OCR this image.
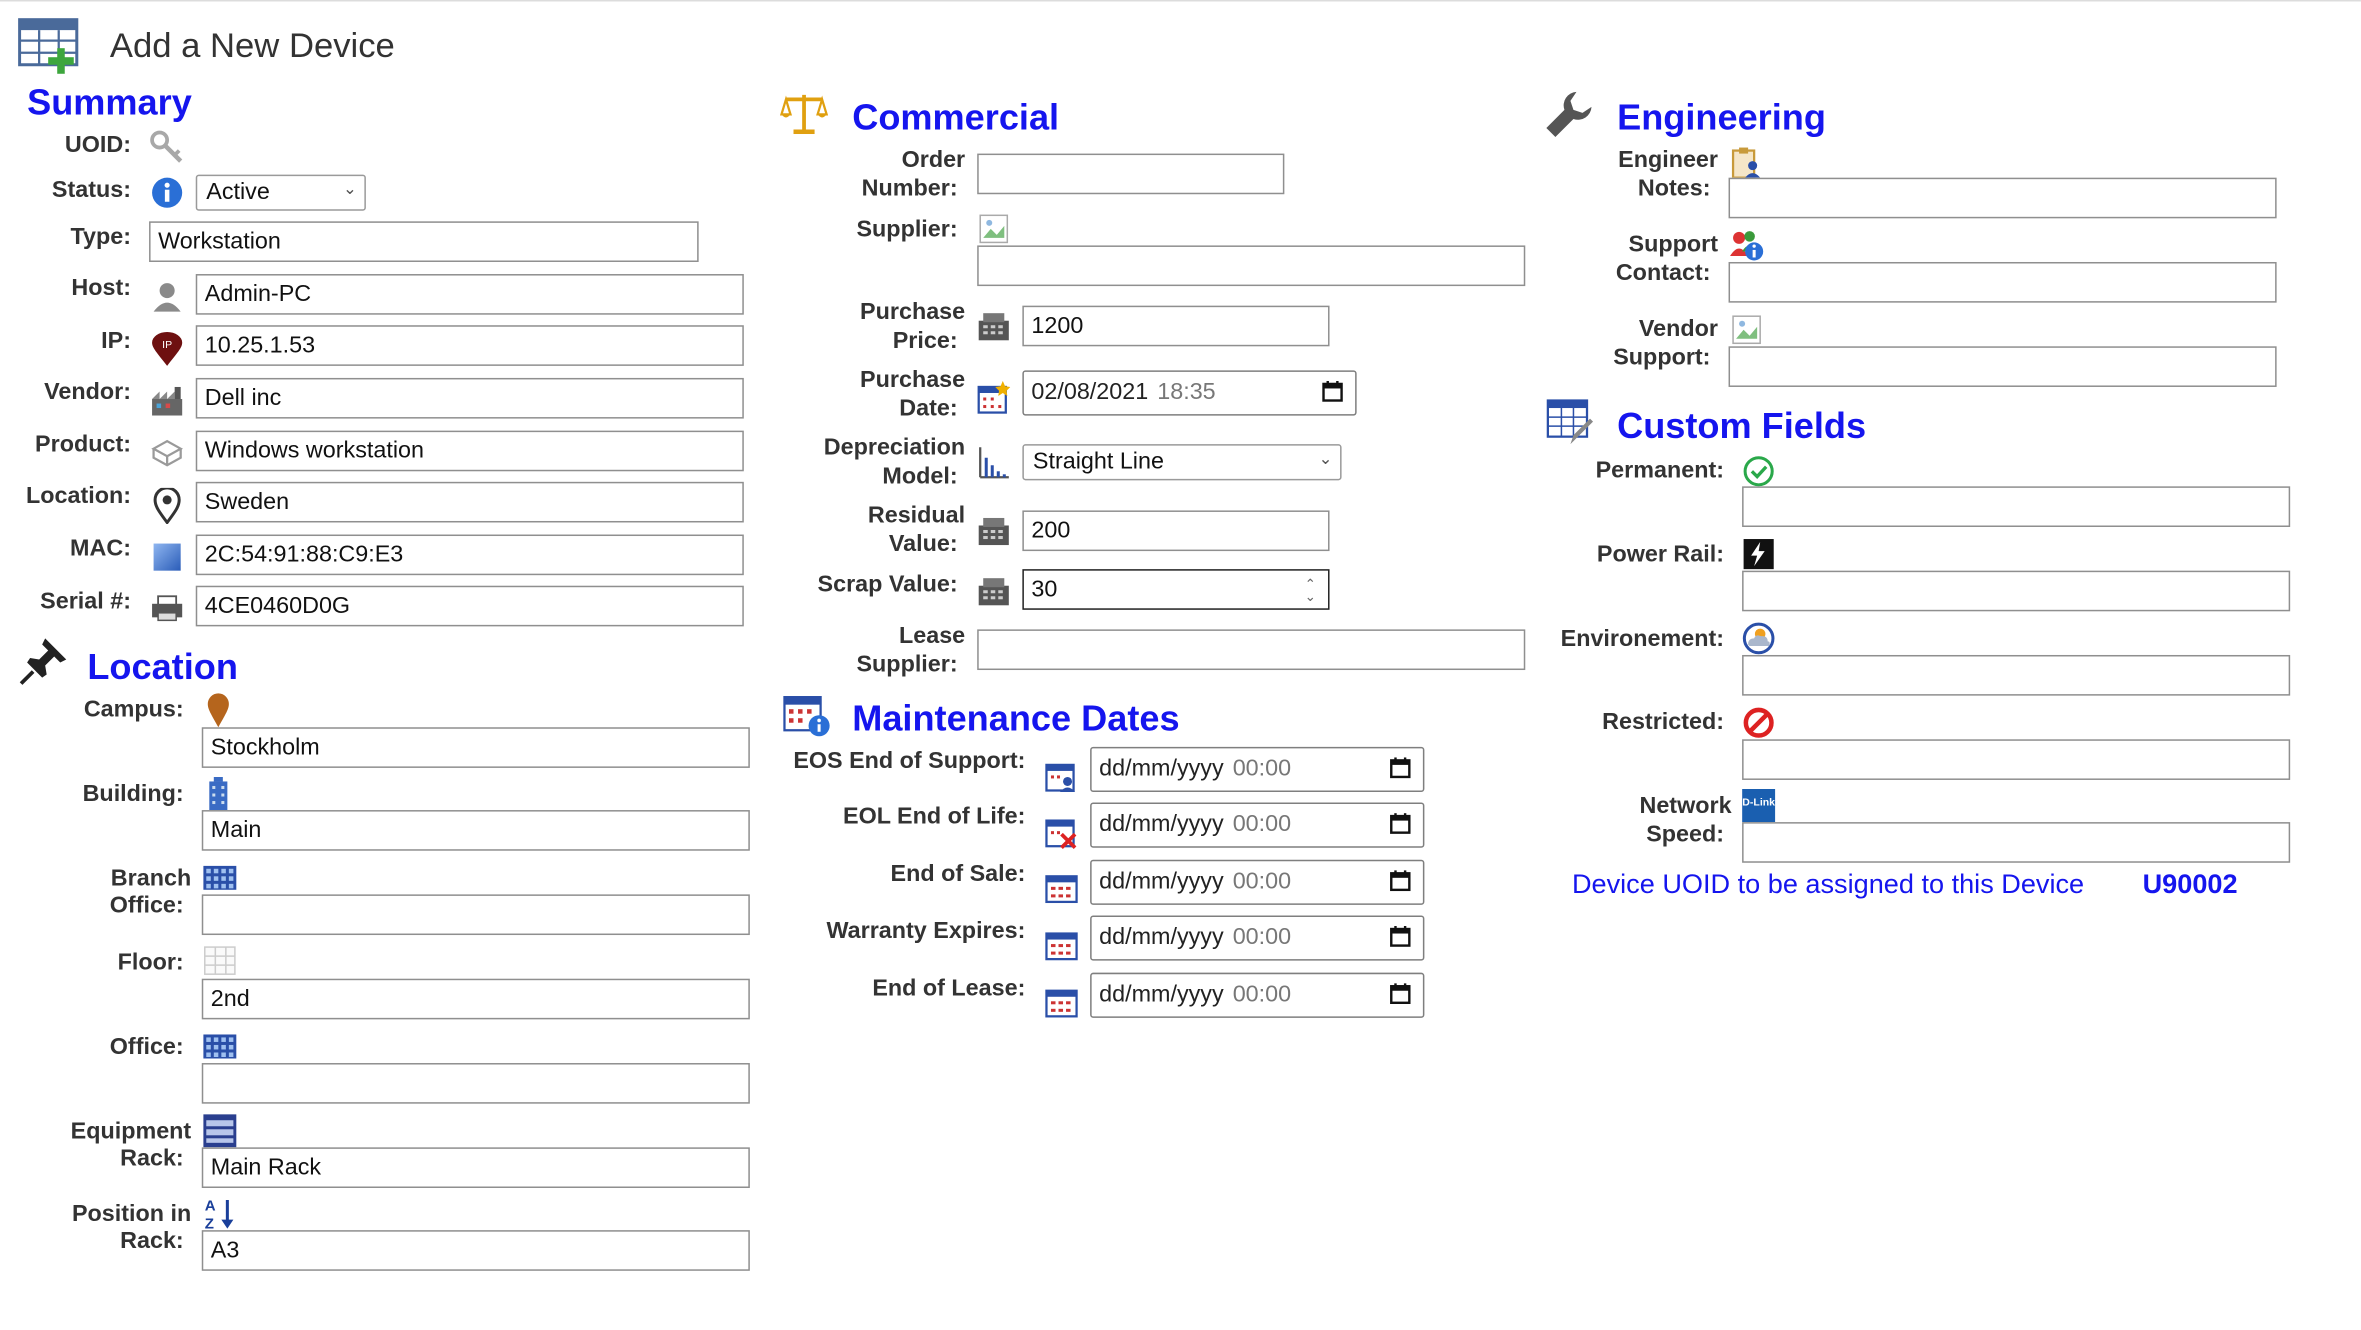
Add a New Device
Summary
UOID:
Status:	Active	⌄
Type:
Workstation
Host:
Admin-PC
IP:	IP
10.25.1.53
Vendor:
Dell inc
Product:
Windows workstation
Location:
Sweden
MAC:
2C:54:91:88:C9:E3
Serial #:
4CE0460D0G
Location
Campus:
Stockholm
Building:
Main
Branch
Office:
Floor:
2nd
Office:
Equipment
Rack:
Main Rack
Position in
Rack:
A
Z
A3
Commercial
Order
Number:
Supplier:
Purchase
Price:
1200
Purchase
Date:
02/08/2021 18:35
Depreciation
Model:
Straight Line	⌄
Residual
Value:
200
Scrap Value:	30	⌃
⌄
Lease
Supplier:
Maintenance Dates
EOS End of Support:	dd/mm/yyyy 00:00
EOL End of Life:	dd/mm/yyyy 00:00
End of Sale:	dd/mm/yyyy 00:00
Warranty Expires:	dd/mm/yyyy 00:00
End of Lease:	dd/mm/yyyy 00:00
Engineering
Engineer
Notes:
Support
Contact:
Vendor
Support:
Custom Fields
Permanent:
Power Rail:
Environement:
Restricted:
Network
Speed:
D-Link
Device UOID to be assigned to this Device	U90002
